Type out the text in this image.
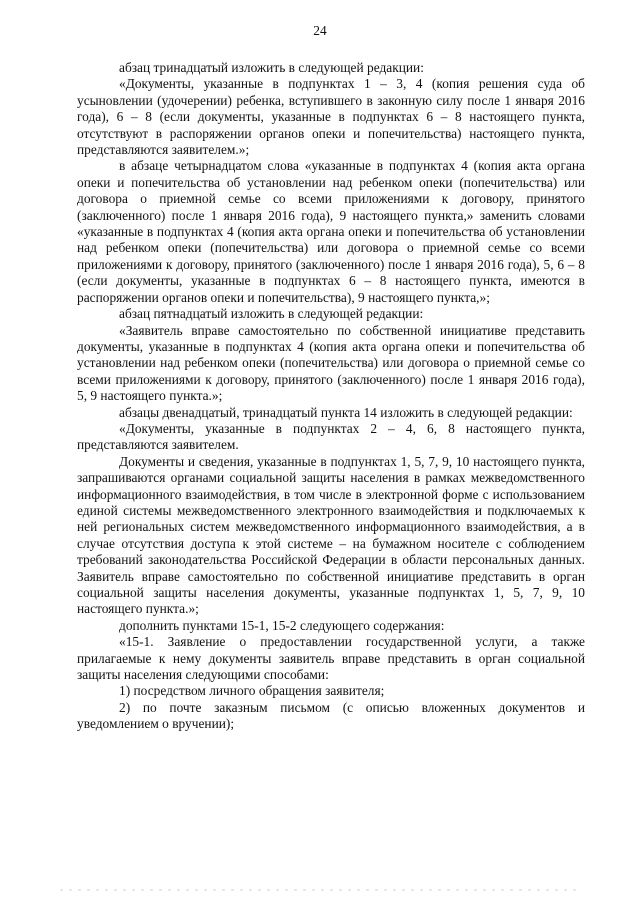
24

абзац тринадцатый изложить в следующей редакции:

«Документы, указанные в подпунктах 1 – 3, 4 (копия решения суда об усыновлении (удочерении) ребенка, вступившего в законную силу после 1 января 2016 года), 6 – 8 (если документы, указанные в подпунктах 6 – 8 настоящего пункта, отсутствуют в распоряжении органов опеки и попечительства) настоящего пункта, представляются заявителем.»;

в абзаце четырнадцатом слова «указанные в подпунктах 4 (копия акта органа опеки и попечительства об установлении над ребенком опеки (попечительства) или договора о приемной семье со всеми приложениями к договору, принятого (заключенного) после 1 января 2016 года), 9 настоящего пункта,» заменить словами «указанные в подпунктах 4 (копия акта органа опеки и попечительства об установлении над ребенком опеки (попечительства) или договора о приемной семье со всеми приложениями к договору, принятого (заключенного) после 1 января 2016 года), 5, 6 – 8 (если документы, указанные в подпунктах 6 – 8 настоящего пункта, имеются в распоряжении органов опеки и попечительства), 9 настоящего пункта,»;

абзац пятнадцатый изложить в следующей редакции:

«Заявитель вправе самостоятельно по собственной инициативе представить документы, указанные в подпунктах 4 (копия акта органа опеки и попечительства об установлении над ребенком опеки (попечительства) или договора о приемной семье со всеми приложениями к договору, принятого (заключенного) после 1 января 2016 года), 5, 9 настоящего пункта.»;

абзацы двенадцатый, тринадцатый пункта 14 изложить в следующей редакции:

«Документы, указанные в подпунктах 2 – 4, 6, 8 настоящего пункта, представляются заявителем.

Документы и сведения, указанные в подпунктах 1, 5, 7, 9, 10 настоящего пункта, запрашиваются органами социальной защиты населения в рамках межведомственного информационного взаимодействия, в том числе в электронной форме с использованием единой системы межведомственного электронного взаимодействия и подключаемых к ней региональных систем межведомственного информационного взаимодействия, а в случае отсутствия доступа к этой системе – на бумажном носителе с соблюдением требований законодательства Российской Федерации в области персональных данных. Заявитель вправе самостоятельно по собственной инициативе представить в орган социальной защиты населения документы, указанные подпунктах 1, 5, 7, 9, 10 настоящего пункта.»;

дополнить пунктами 15-1, 15-2 следующего содержания:

«15-1. Заявление о предоставлении государственной услуги, а также прилагаемые к нему документы заявитель вправе представить в орган социальной защиты населения следующими способами:

1) посредством личного обращения заявителя;

2) по почте заказным письмом (с описью вложенных документов и уведомлением о вручении);
